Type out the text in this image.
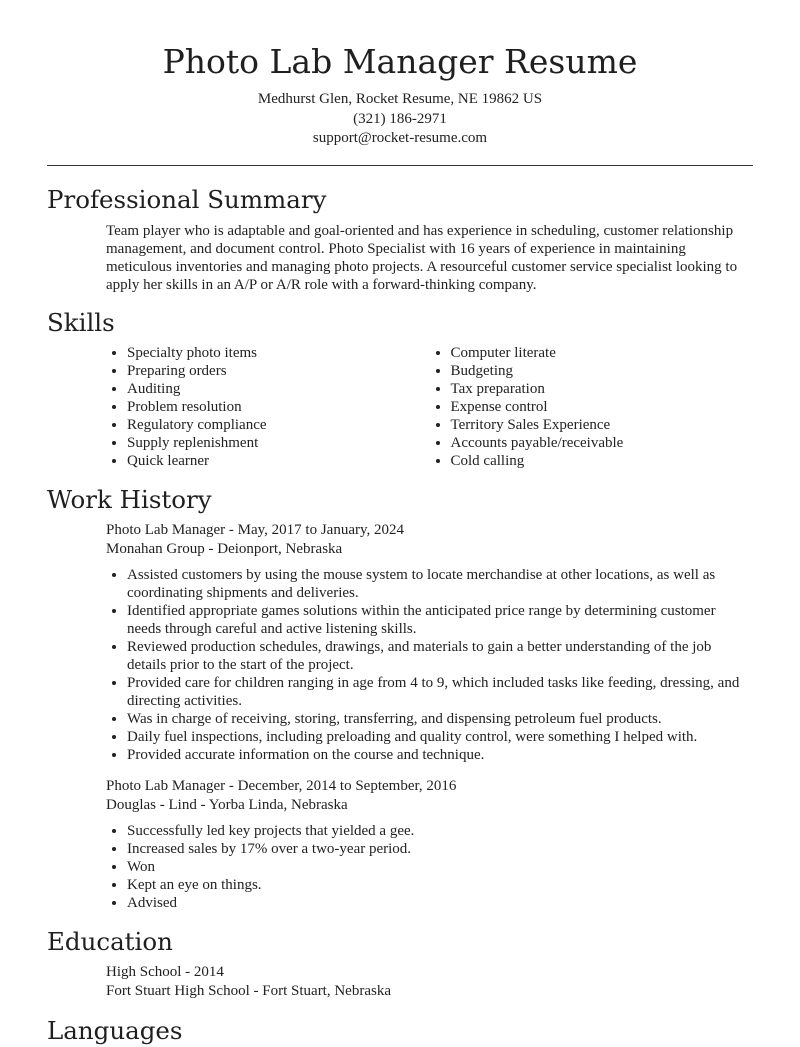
Photo Lab Manager Resume
Medhurst Glen, Rocket Resume, NE 19862 US
(321) 186-2971
support@rocket-resume.com
Professional Summary
Team player who is adaptable and goal-oriented and has experience in scheduling, customer relationship management, and document control. Photo Specialist with 16 years of experience in maintaining meticulous inventories and managing photo projects. A resourceful customer service specialist looking to apply her skills in an A/P or A/R role with a forward-thinking company.
Skills
• Specialty photo items
• Preparing orders
• Auditing
• Problem resolution
• Regulatory compliance
• Supply replenishment
• Quick learner
• Computer literate
• Budgeting
• Tax preparation
• Expense control
• Territory Sales Experience
• Accounts payable/receivable
• Cold calling
Work History
Photo Lab Manager - May, 2017 to January, 2024
Monahan Group - Deionport, Nebraska
• Assisted customers by using the mouse system to locate merchandise at other locations, as well as coordinating shipments and deliveries.
• Identified appropriate games solutions within the anticipated price range by determining customer needs through careful and active listening skills.
• Reviewed production schedules, drawings, and materials to gain a better understanding of the job details prior to the start of the project.
• Provided care for children ranging in age from 4 to 9, which included tasks like feeding, dressing, and directing activities.
• Was in charge of receiving, storing, transferring, and dispensing petroleum fuel products.
• Daily fuel inspections, including preloading and quality control, were something I helped with.
• Provided accurate information on the course and technique.
Photo Lab Manager - December, 2014 to September, 2016
Douglas - Lind - Yorba Linda, Nebraska
• Successfully led key projects that yielded a gee.
• Increased sales by 17% over a two-year period.
• Won
• Kept an eye on things.
• Advised
Education
High School - 2014
Fort Stuart High School - Fort Stuart, Nebraska
Languages
